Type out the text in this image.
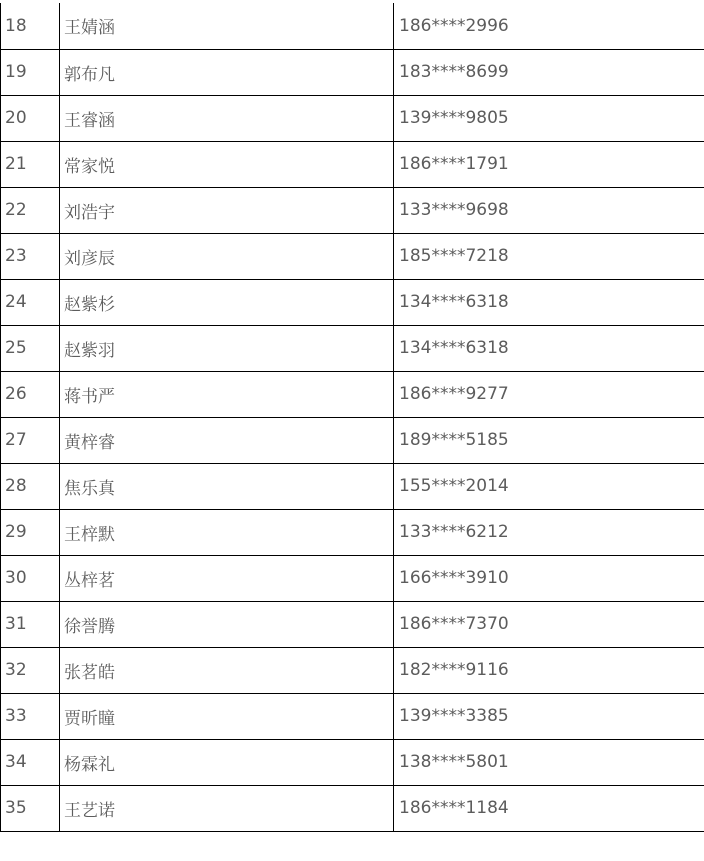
18	王婧涵	186****2996
19	郭布凡	183****8699
20	王睿涵	139****9805
21	常家悦	186****1791
22	刘浩宇	133****9698
23	刘彦辰	185****7218
24	赵紫杉	134****6318
25	赵紫羽	134****6318
26	蒋书严	186****9277
27	黄梓睿	189****5185
28	焦乐真	155****2014
29	王梓默	133****6212
30	丛梓茗	166****3910
31	徐誉腾	186****7370
32	张茗皓	182****9116
33	贾昕瞳	139****3385
34	杨霖礼	138****5801
35	王艺诺	186****1184
